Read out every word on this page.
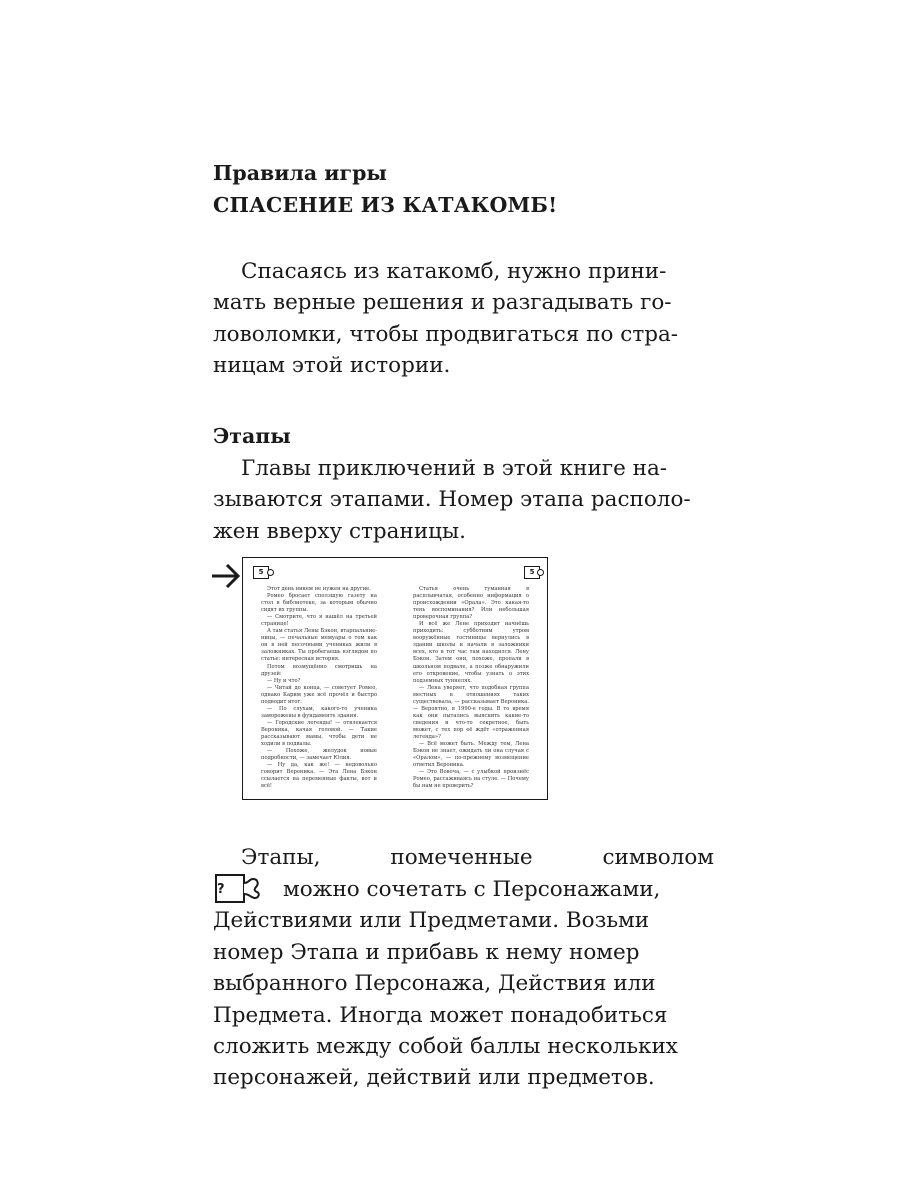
Правила игры
СПАСЕНИЕ ИЗ КАТАКОМБ!
Спасаясь из катакомб, нужно прини-
мать верные решения и разгадывать го-
ловоломки, чтобы продвигаться по стра-
ницам этой истории.
Этапы
Главы приключений в этой книге на-
зываются этапами. Номер этапа располо-
жен вверху страницы.
5	5

Этот день никем не нужен на другие.

Ромео бросает сползшую газету на стол в библиотеке, за которым обычно сидят их группы.

— Смотрите, что я нашёл на третьей странице!

А там статья Лены Бэкон, втарпальние-ницы, — печальные мемуары о том как он в ней песочными учениках жили в заложниках. Ты пробегаешь взглядом по статье: интересная история.

Потом возмущённо смотришь на друзей:

— Ну и что?

— Читай до конца, — советует Ромео, однако Карим уже всё прочёл и быстро подводит итог:

— По слухам, какого-то ученика заморожены в фундаменте здания.

— Городские легенды! — отвлекается Вероника, качая головой. — Такие рассказывают мамы, чтобы дети не ходили в подвалы.

— Похоже, желудок новые подробности, — замечает Юлия.

— Ну да, как же! — недовольно говорит Вероника. — Эта Лена Бэкон ссылается на переменные факты, вот и всё!

Статья очень туманная в расплывчатая, особенно информация о происхождении «Орала». Это какая-то тень воспоминания? Или небольшая проверочная группа?

И всё же Лене приходит начнёшь приходить: субботним утром вооружённые гостиницы вернулись в здании школы и начали в заложники всех, кто в тот час там находился. Лену Бэкон. Затем они, похоже, пропали в школьном подвале, а позже обнаружили его откровение, чтобы узнать о этих подземных туннелях.

— Лена уверяет, что подобная группа местных в отношениях таких существовала, — рассказывает Вероника. — Вероятно, в 1990-е годы. В то время как они пытались выяснить какие-то сведения и что-то секретное, быть может, с тех пор её ждёт «отраженная легенда»?

— Всё может быть. Между тем, Лена Бэкон не знает, ожидать ли она случая с «Оралом», — по-прежнему возмещение ответил Вероника.

— Это Вовоча, — с улыбкой произнёс Ромео, рассаживаясь на стуле. — Почему бы нам не проверить?

Этапы,	помеченные	символом
?	можно сочетать с Персонажами,
Действиями или Предметами. Возьми
номер Этапа и прибавь к нему номер
выбранного Персонажа, Действия или
Предмета. Иногда может понадобиться
сложить между собой баллы нескольких
персонажей, действий или предметов.
